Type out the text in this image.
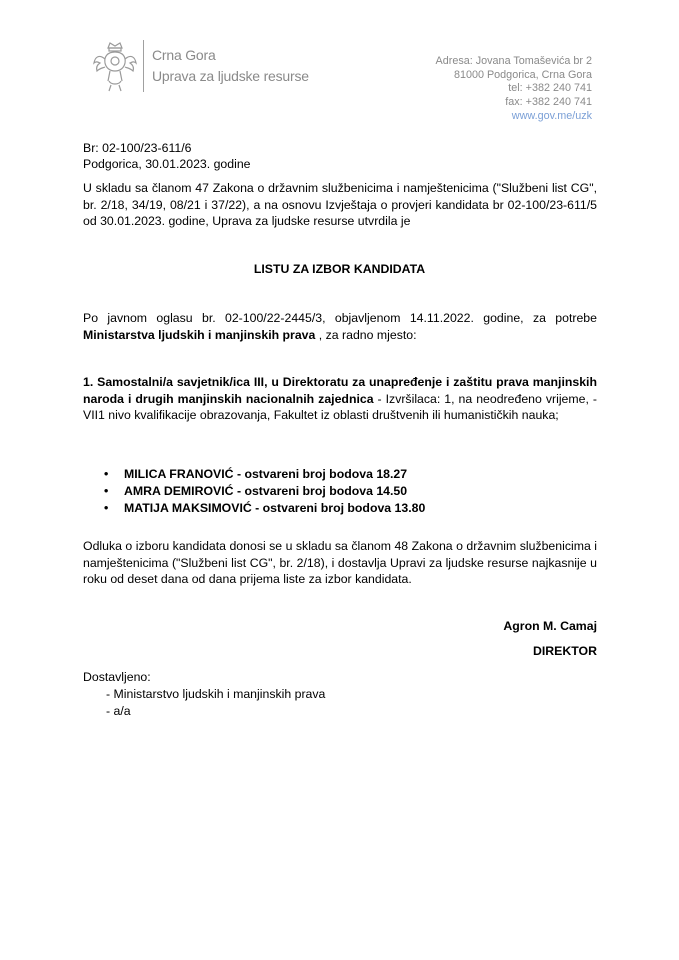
Crna Gora
Uprava za ljudske resurse
Adresa: Jovana Tomaševića br 2
81000 Podgorica, Crna Gora
tel: +382 240 741
fax: +382 240 741
www.gov.me/uzk
Br: 02-100/23-611/6
Podgorica, 30.01.2023. godine
U skladu sa članom 47 Zakona o državnim službenicima i namještenicima ("Službeni list CG", br. 2/18, 34/19, 08/21 i 37/22), a na osnovu Izvještaja o provjeri kandidata br 02-100/23-611/5 od 30.01.2023. godine, Uprava za ljudske resurse utvrdila je
LISTU ZA IZBOR KANDIDATA
Po javnom oglasu br. 02-100/22-2445/3, objavljenom 14.11.2022. godine, za potrebe Ministarstva ljudskih i manjinskih prava , za radno mjesto:
1. Samostalni/a savjetnik/ica III, u Direktoratu za unapređenje i zaštitu prava manjinskih naroda i drugih manjinskih nacionalnih zajednica - Izvršilaca: 1, na neodređeno vrijeme, - VII1 nivo kvalifikacije obrazovanja, Fakultet iz oblasti društvenih ili humanističkih nauka;
• MILICA FRANOVIĆ - ostvareni broj bodova 18.27
• AMRA DEMIROVIĆ - ostvareni broj bodova 14.50
• MATIJA MAKSIMOVIĆ - ostvareni broj bodova 13.80
Odluka o izboru kandidata donosi se u skladu sa članom 48 Zakona o državnim službenicima i namještenicima ("Službeni list CG", br. 2/18), i dostavlja Upravi za ljudske resurse najkasnije u roku od deset dana od dana prijema liste za izbor kandidata.
Agron M. Camaj
DIREKTOR
Dostavljeno:
- Ministarstvo ljudskih i manjinskih prava
- a/a
